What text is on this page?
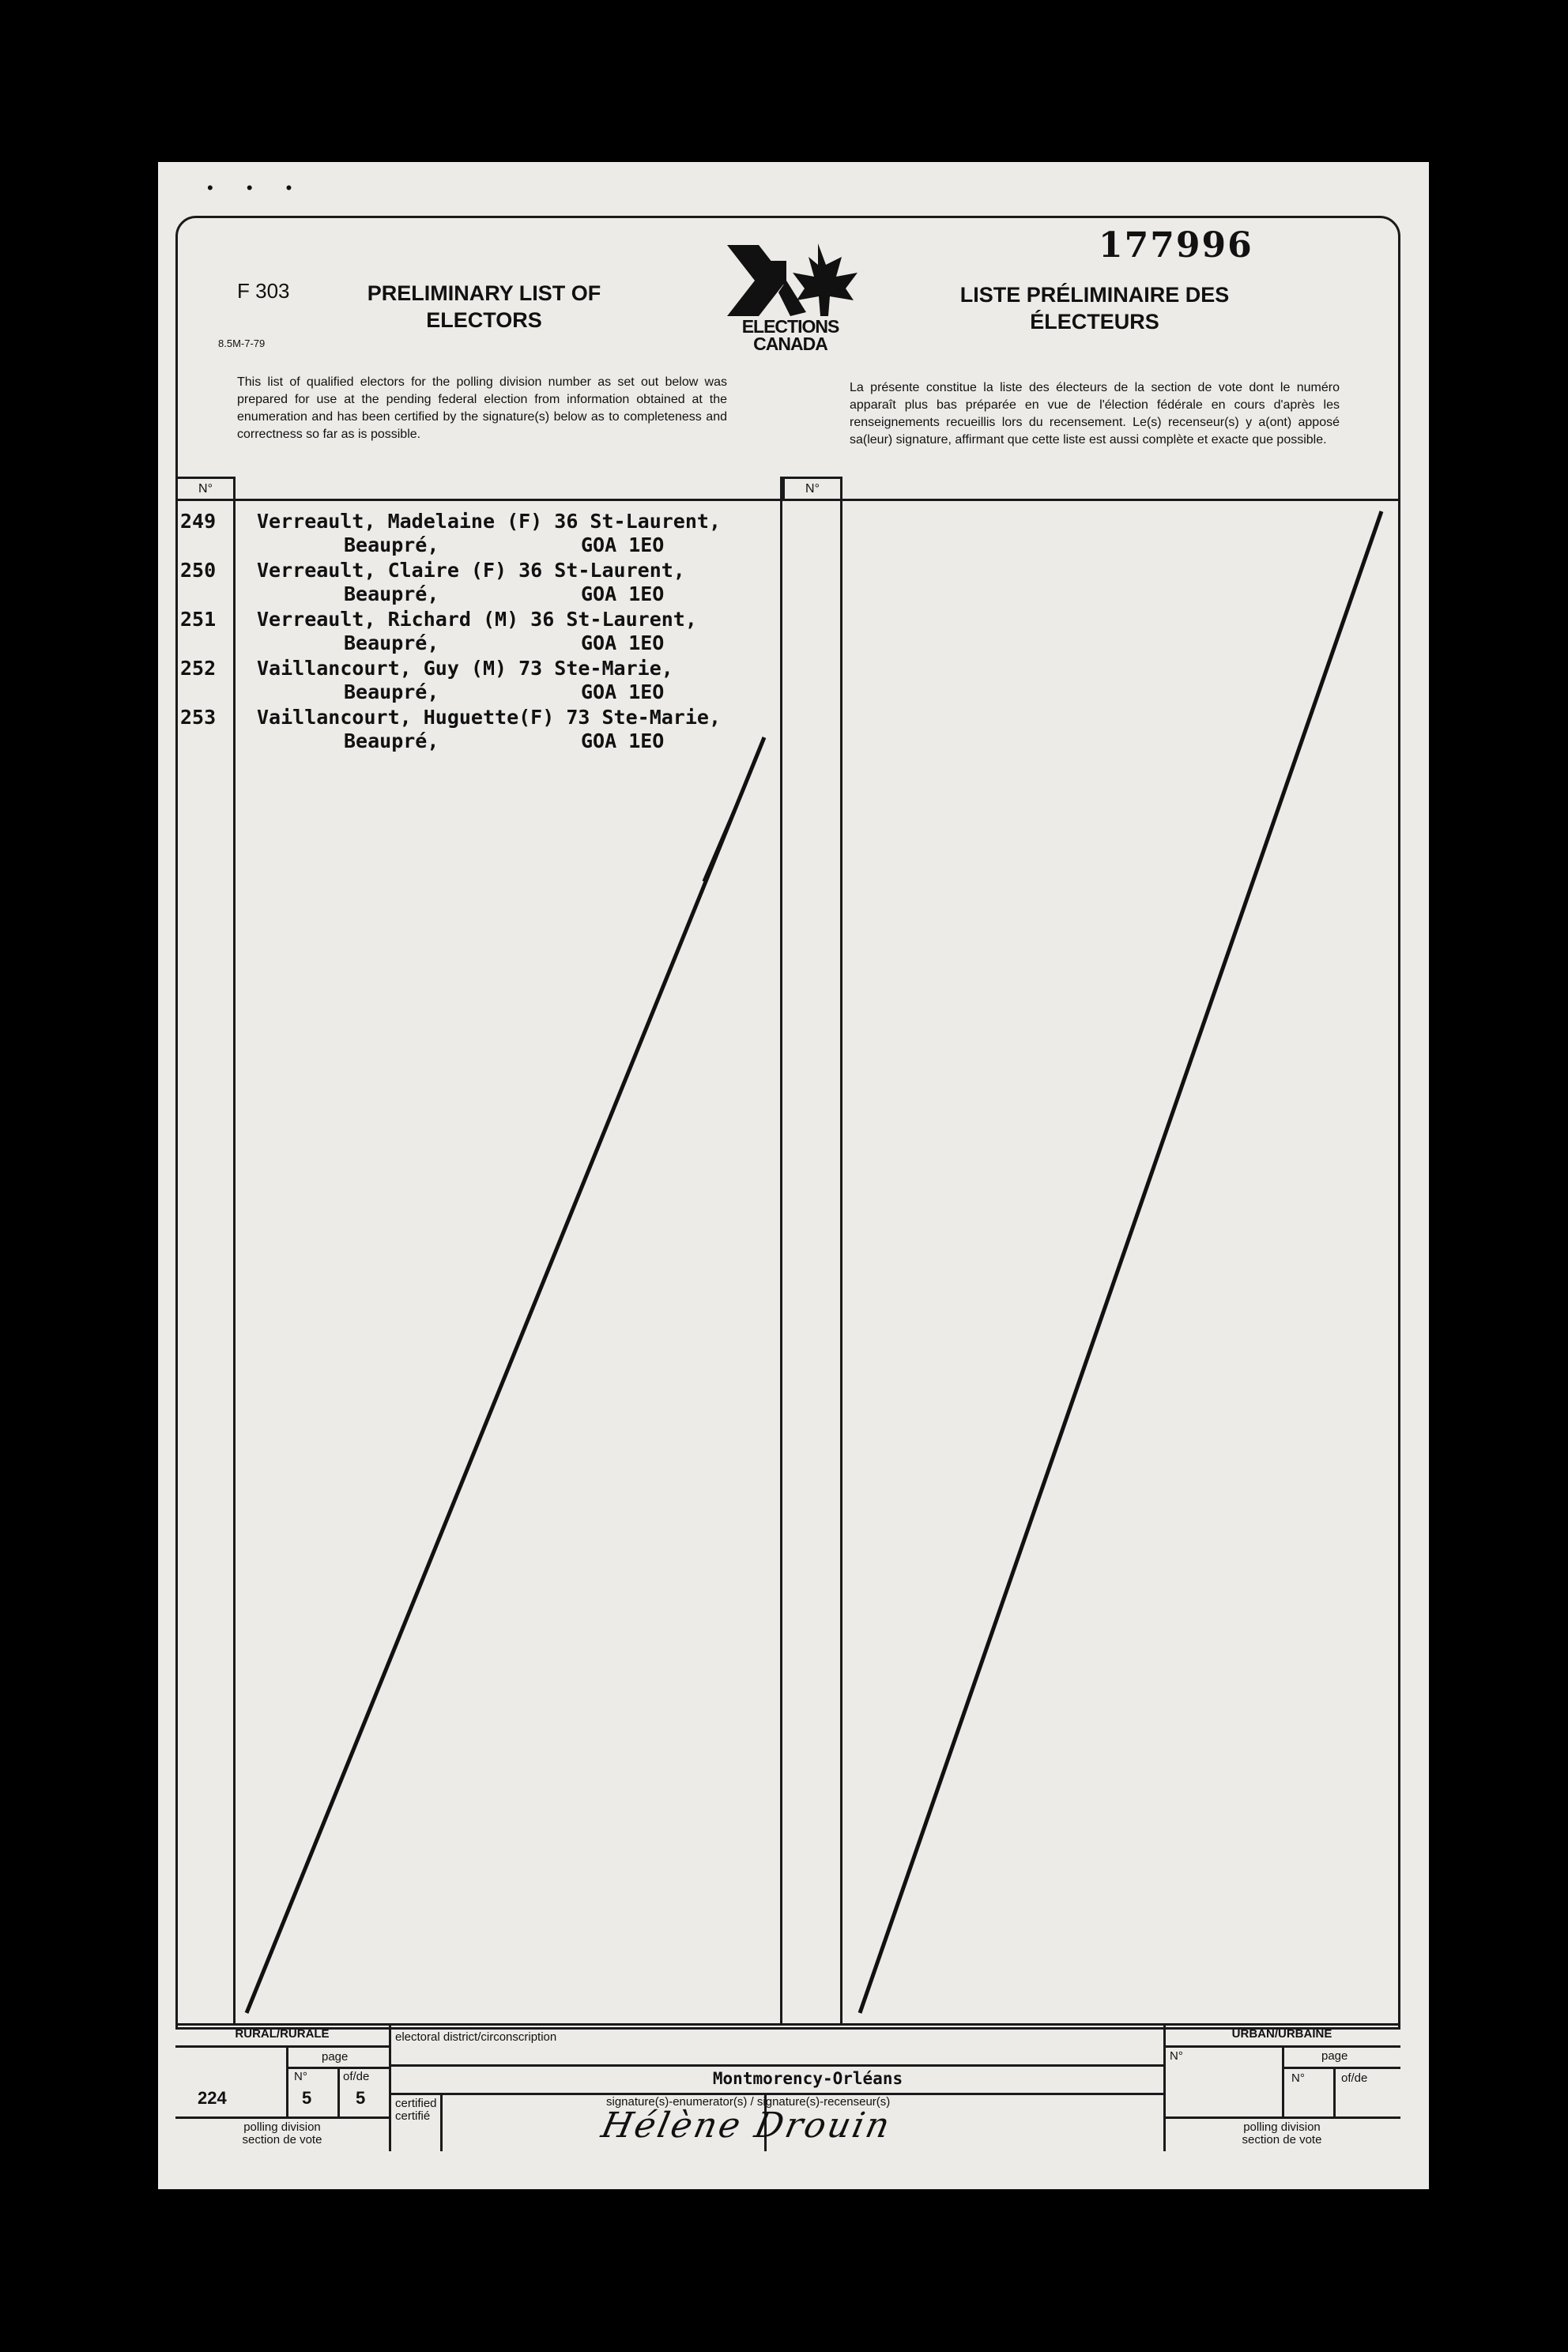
• • •
177996
F 303
8.5M-7-79
PRELIMINARY LIST OF ELECTORS
LISTE PRÉLIMINAIRE DES ÉLECTEURS
ELECTIONS
CANADA
This list of qualified electors for the polling division number as set out below was prepared for use at the pending federal election from information obtained at the enumeration and has been certified by the signature(s) below as to completeness and correctness so far as is possible.
La présente constitue la liste des électeurs de la section de vote dont le numéro apparaît plus bas préparée en vue de l'élection fédérale en cours d'après les renseignements recueillis lors du recensement. Le(s) recenseur(s) y a(ont) apposé sa(leur) signature, affirmant que cette liste est aussi complète et exacte que possible.
N°	N°
249 Verreault, Madelaine (F) 36 St-Laurent,
Beaupré,	GOA 1EO
250 Verreault, Claire (F) 36 St-Laurent,
Beaupré,	GOA 1EO
251 Verreault, Richard (M) 36 St-Laurent,
Beaupré,	GOA 1EO
252 Vaillancourt, Guy (M) 73 Ste-Marie,
Beaupré,	GOA 1EO
253 Vaillancourt, Huguette(F) 73 Ste-Marie,
Beaupré,	GOA 1EO
RURAL/RURALE	URBAN/URBAINE
electoral district/circonscription
Montmorency-Orléans
page
N°	of/de
224	5	5
polling division
section de vote
certified
certifié
signature(s)-enumerator(s) / signature(s)-recenseur(s)
Hélène Drouin
N°	page
N°	of/de
polling division
section de vote
